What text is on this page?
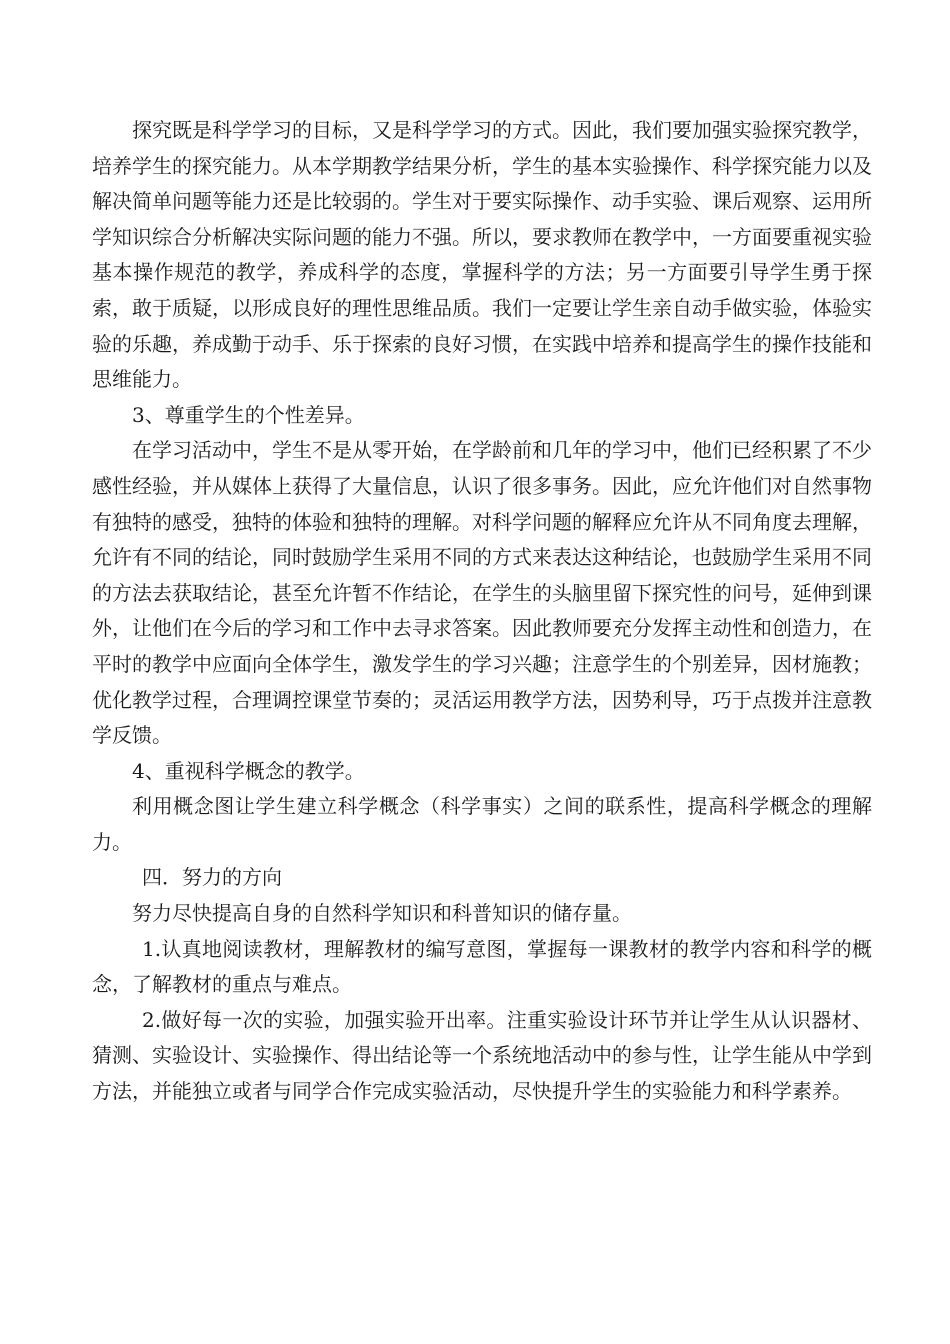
探究既是科学学习的目标，又是科学学习的方式。因此，我们要加强实验探究教学，培养学生的探究能力。从本学期教学结果分析，学生的基本实验操作、科学探究能力以及解决简单问题等能力还是比较弱的。学生对于要实际操作、动手实验、课后观察、运用所学知识综合分析解决实际问题的能力不强。所以，要求教师在教学中，一方面要重视实验基本操作规范的教学，养成科学的态度，掌握科学的方法；另一方面要引导学生勇于探索，敢于质疑，以形成良好的理性思维品质。我们一定要让学生亲自动手做实验，体验实验的乐趣，养成勤于动手、乐于探索的良好习惯，在实践中培养和提高学生的操作技能和思维能力。

3、尊重学生的个性差异。

在学习活动中，学生不是从零开始，在学龄前和几年的学习中，他们已经积累了不少感性经验，并从媒体上获得了大量信息，认识了很多事务。因此，应允许他们对自然事物有独特的感受，独特的体验和独特的理解。对科学问题的解释应允许从不同角度去理解，允许有不同的结论，同时鼓励学生采用不同的方式来表达这种结论，也鼓励学生采用不同的方法去获取结论，甚至允许暂不作结论，在学生的头脑里留下探究性的问号，延伸到课外，让他们在今后的学习和工作中去寻求答案。因此教师要充分发挥主动性和创造力，在平时的教学中应面向全体学生，激发学生的学习兴趣；注意学生的个别差异，因材施教；优化教学过程，合理调控课堂节奏的；灵活运用教学方法，因势利导，巧于点拨并注意教学反馈。

4、重视科学概念的教学。

利用概念图让学生建立科学概念（科学事实）之间的联系性，提高科学概念的理解力。

四．努力的方向

努力尽快提高自身的自然科学知识和科普知识的储存量。

1.认真地阅读教材，理解教材的编写意图，掌握每一课教材的教学内容和科学的概念，了解教材的重点与难点。

2.做好每一次的实验，加强实验开出率。注重实验设计环节并让学生从认识器材、猜测、实验设计、实验操作、得出结论等一个系统地活动中的参与性，让学生能从中学到方法，并能独立或者与同学合作完成实验活动，尽快提升学生的实验能力和科学素养。
